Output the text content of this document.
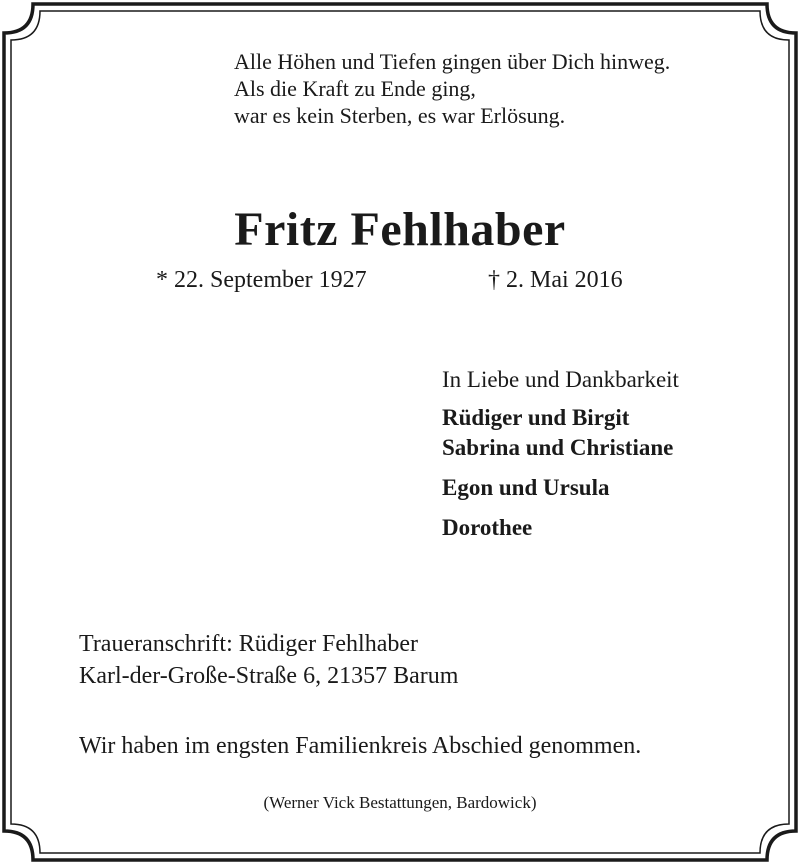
Alle Höhen und Tiefen gingen über Dich hinweg.
Als die Kraft zu Ende ging,
war es kein Sterben, es war Erlösung.
Fritz Fehlhaber
* 22. September 1927	† 2. Mai 2016
In Liebe und Dankbarkeit
Rüdiger und Birgit
Sabrina und Christiane
Egon und Ursula
Dorothee
Traueranschrift: Rüdiger Fehlhaber
Karl-der-Große-Straße 6, 21357 Barum
Wir haben im engsten Familienkreis Abschied genommen.
(Werner Vick Bestattungen, Bardowick)
